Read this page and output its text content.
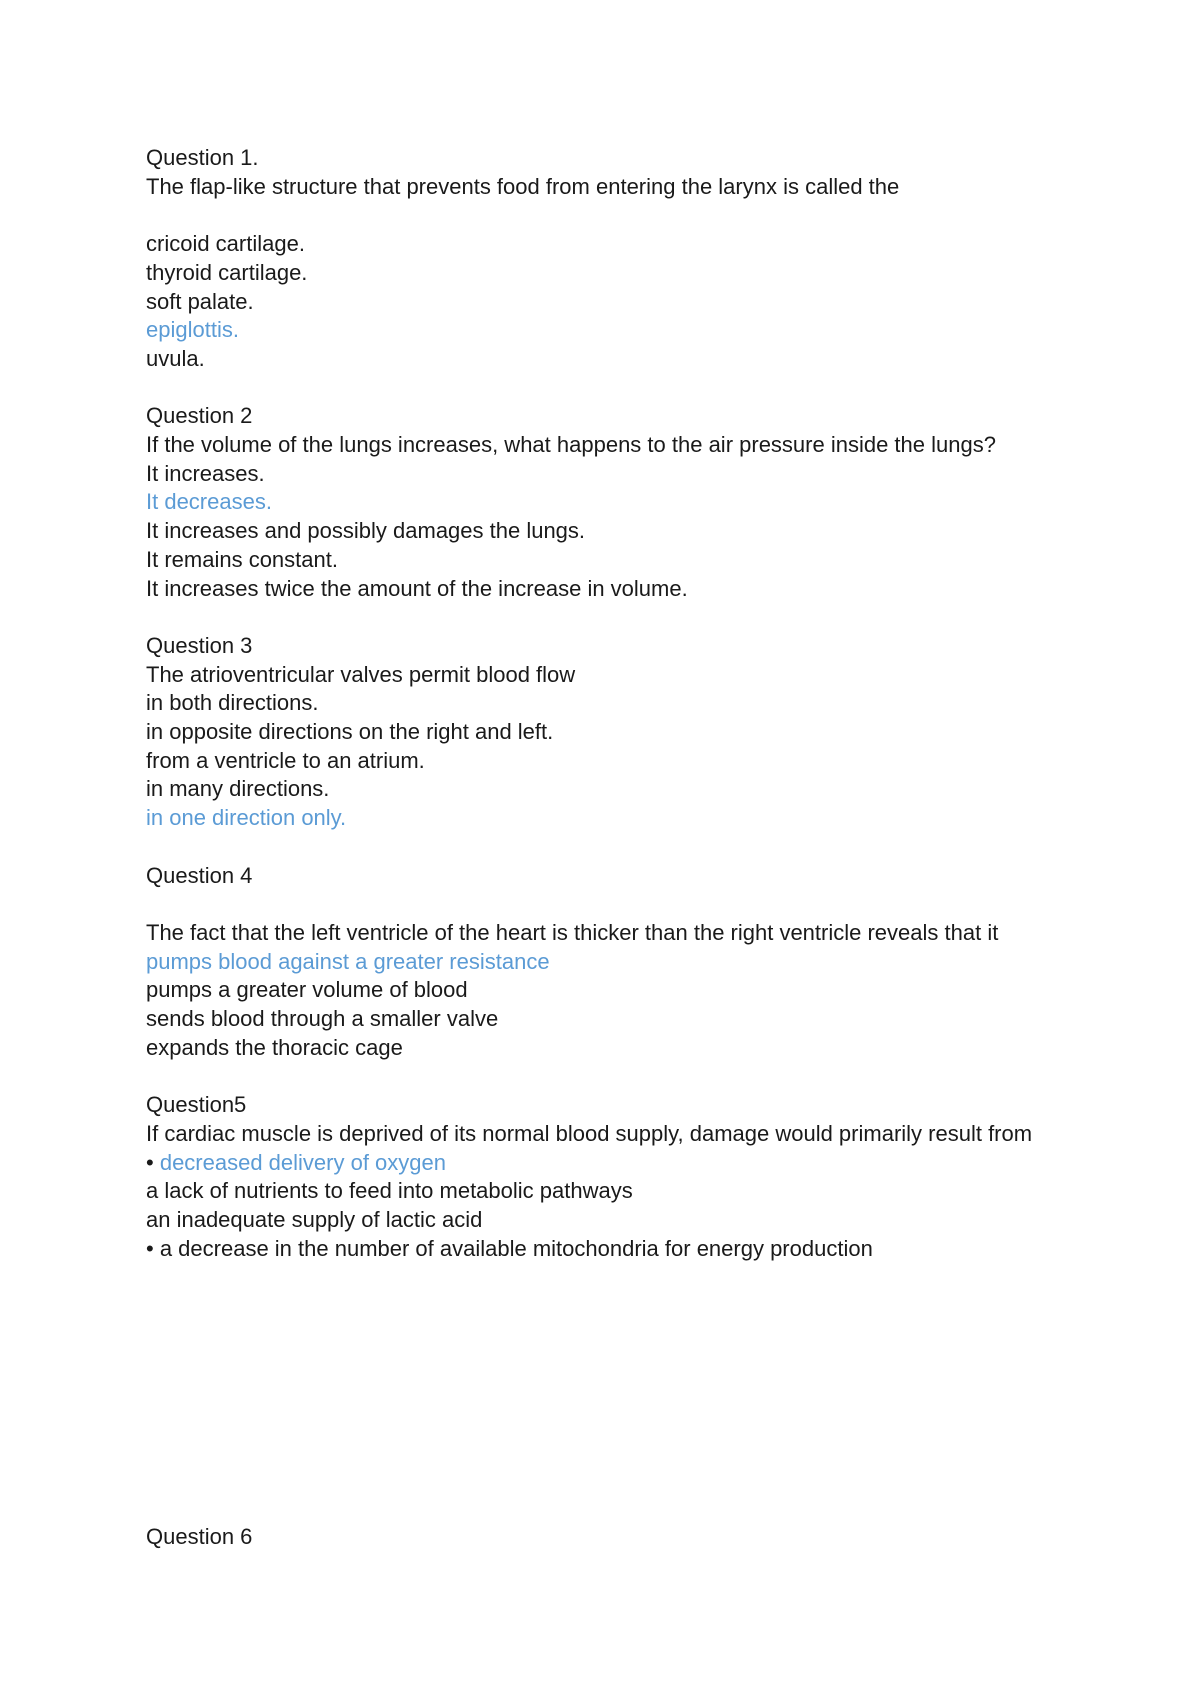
Question 1.
The flap-like structure that prevents food from entering the larynx is called the
cricoid cartilage.
thyroid cartilage.
soft palate.
epiglottis.
uvula.
Question 2
If the volume of the lungs increases, what happens to the air pressure inside the lungs?
It increases.
It decreases.
It increases and possibly damages the lungs.
It remains constant.
It increases twice the amount of the increase in volume.
Question 3
The atrioventricular valves permit blood flow
in both directions.
in opposite directions on the right and left.
from a ventricle to an atrium.
in many directions.
in one direction only.
Question 4
The fact that the left ventricle of the heart is thicker than the right ventricle reveals that it
pumps blood against a greater resistance
pumps a greater volume of blood
sends blood through a smaller valve
expands the thoracic cage
Question5
If cardiac muscle is deprived of its normal blood supply, damage would primarily result from
• decreased delivery of oxygen
a lack of nutrients to feed into metabolic pathways
an inadequate supply of lactic acid
• a decrease in the number of available mitochondria for energy production
Question 6
